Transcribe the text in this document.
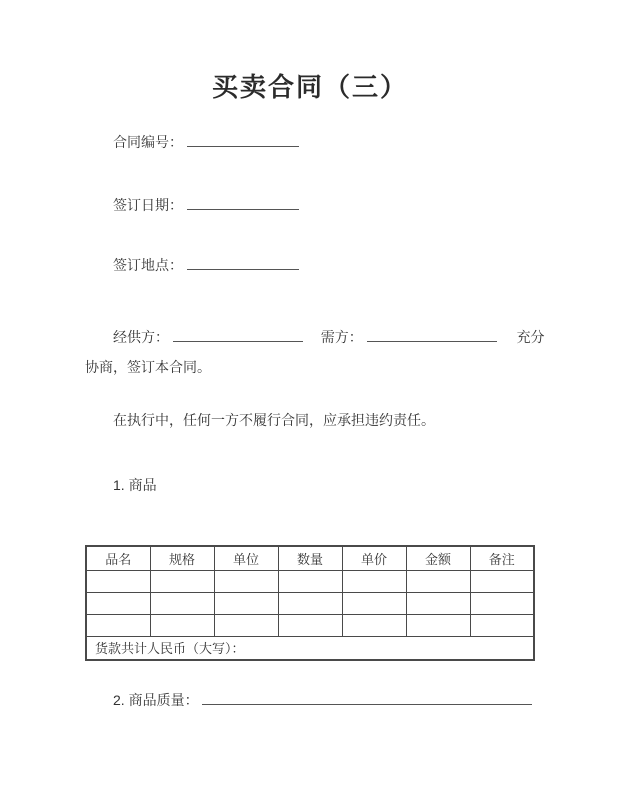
买卖合同（三）
合同编号：
签订日期：
签订地点：
经供方：	需方：	充分
协商，签订本合同。
在执行中，任何一方不履行合同，应承担违约责任。
1. 商品
品名	规格	单位	数量	单价	金额	备注

货款共计人民币（大写）：						
2. 商品质量：
